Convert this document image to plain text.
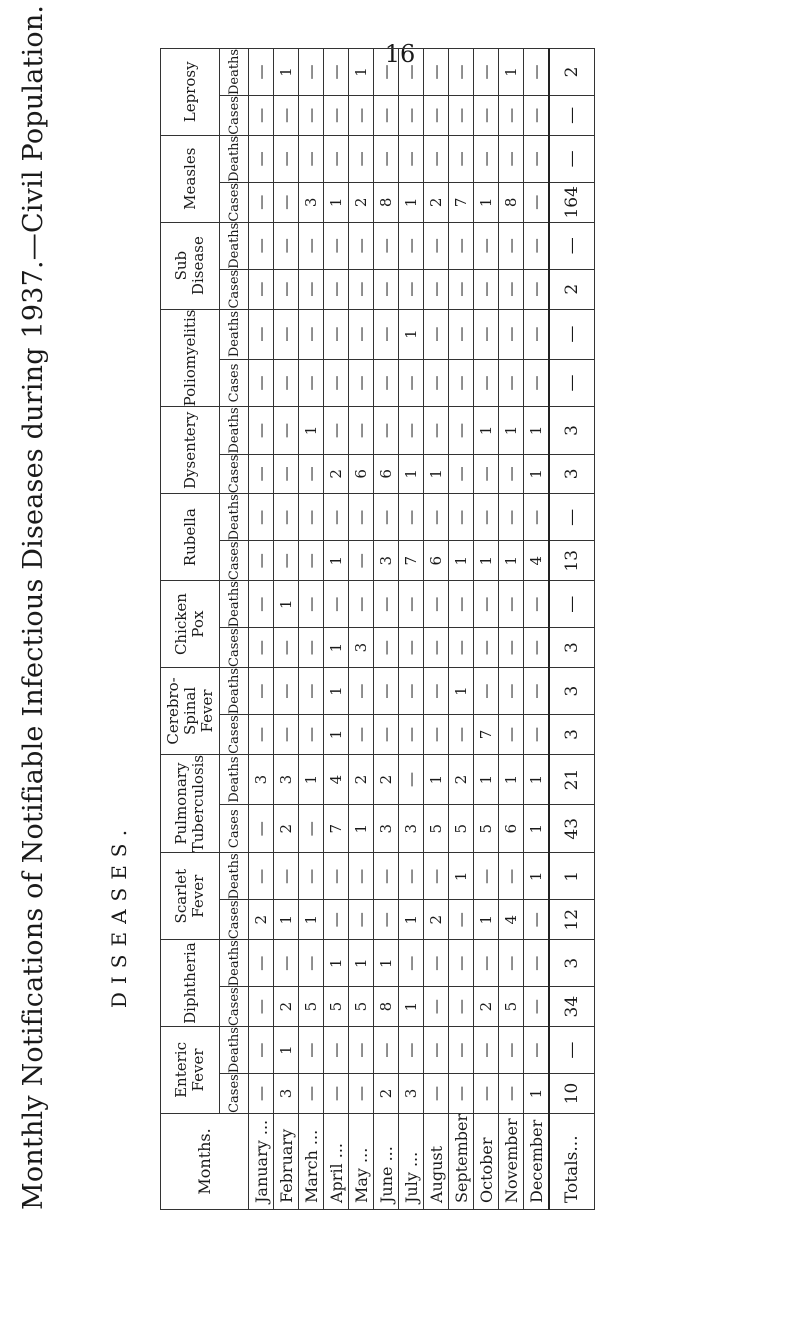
16
Monthly Notifications of Notifiable Infectious Diseases during 1937.—Civil Population.	DISEASES.
Months.	Enteric Fever		Diphtheria		Scarlet Fever		Pulmonary Tuberculosis		Cerebro-Spinal Fever		Chicken Pox		Rubella		Dysentery		Poliomyelitis		Sub Disease		Measles		Leprosy	
	Cases	Deaths	Cases	Deaths	Cases	Deaths	Cases	Deaths	Cases	Deaths	Cases	Deaths	Cases	Deaths	Cases	Deaths	Cases	Deaths	Cases	Deaths	Cases	Deaths	Cases	Deaths
January ...	—	—	—	—	2	—	—	3	—	—	—	—	—	—	—	—	—	—	—	—	—	—	—	—
February	3	1	2	—	1	—	2	3	—	—	—	1	—	—	—	—	—	—	—	—	—	—	—	1
March ...	—	—	5	—	1	—	—	1	—	—	—	—	—	—	—	1	—	—	—	—	3	—	—	—
April ...	—	—	5	1	—	—	7	4	1	1	1	—	1	—	2	—	—	—	—	—	1	—	—	—
May ...	—	—	5	1	—	—	1	2	—	—	3	—	—	—	6	—	—	—	—	—	2	—	—	1
June ...	2	—	8	1	—	—	3	2	—	—	—	—	3	—	6	—	—	—	—	—	8	—	—	—
July ...	3	—	1	—	1	—	3	—	—	—	—	—	7	—	1	—	—	1	—	—	1	—	—	—
August	—	—	—	—	2	—	5	1	—	—	—	—	6	—	1	—	—	—	—	—	2	—	—	—
September	—	—	—	—	—	1	5	2	—	1	—	—	1	—	—	—	—	—	—	—	7	—	—	—
October	—	—	2	—	1	—	5	1	7	—	—	—	1	—	—	1	—	—	—	—	1	—	—	—
November	—	—	5	—	4	—	6	1	—	—	—	—	1	—	—	1	—	—	—	—	8	—	—	1
December	1	—	—	—	—	1	1	1	—	—	—	—	4	—	1	1	—	—	—	—	—	—	—	—
Totals...	10	—	34	3	12	1	43	21	3	3	3	—	13	—	3	3	—	—	2	—	164	—	—	2
